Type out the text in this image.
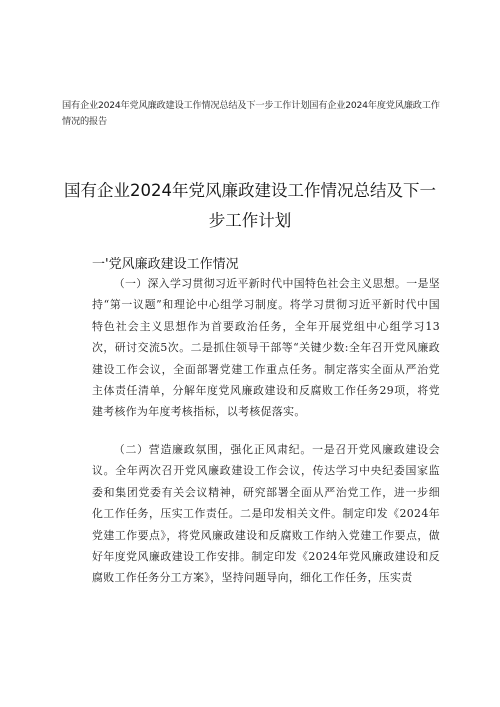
国有企业2024年党风廉政建设工作情况总结及下一步工作计划国有企业2024年度党风廉政工作情况的报告
国有企业2024年党风廉政建设工作情况总结及下一步工作计划
一'党风廉政建设工作情况
（一）深入学习贯彻习近平新时代中国特色社会主义思想。一是坚持“第一议题”和理论中心组学习制度。将学习贯彻习近平新时代中国特色社会主义思想作为首要政治任务，全年开展党组中心组学习13次，研讨交流5次。二是抓住领导干部等“关键少数:全年召开党风廉政建设工作会议，全面部署党建工作重点任务。制定落实全面从严治党主体责任清单，分解年度党风廉政建设和反腐败工作任务29项，将党建考核作为年度考核指标，以考核促落实。
（二）营造廉政氛围，强化正风肃纪。一是召开党风廉政建设会议。全年两次召开党风廉政建设工作会议，传达学习中央纪委国家监委和集团党委有关会议精神，研究部署全面从严治党工作，进一步细化工作任务，压实工作责任。二是印发相关文件。制定印发《2024年党建工作要点》，将党风廉政建设和反腐败工作纳入党建工作要点，做好年度党风廉政建设工作安排。制定印发《2024年党风廉政建设和反腐败工作任务分工方案》，坚持问题导向，细化工作任务，压实责
